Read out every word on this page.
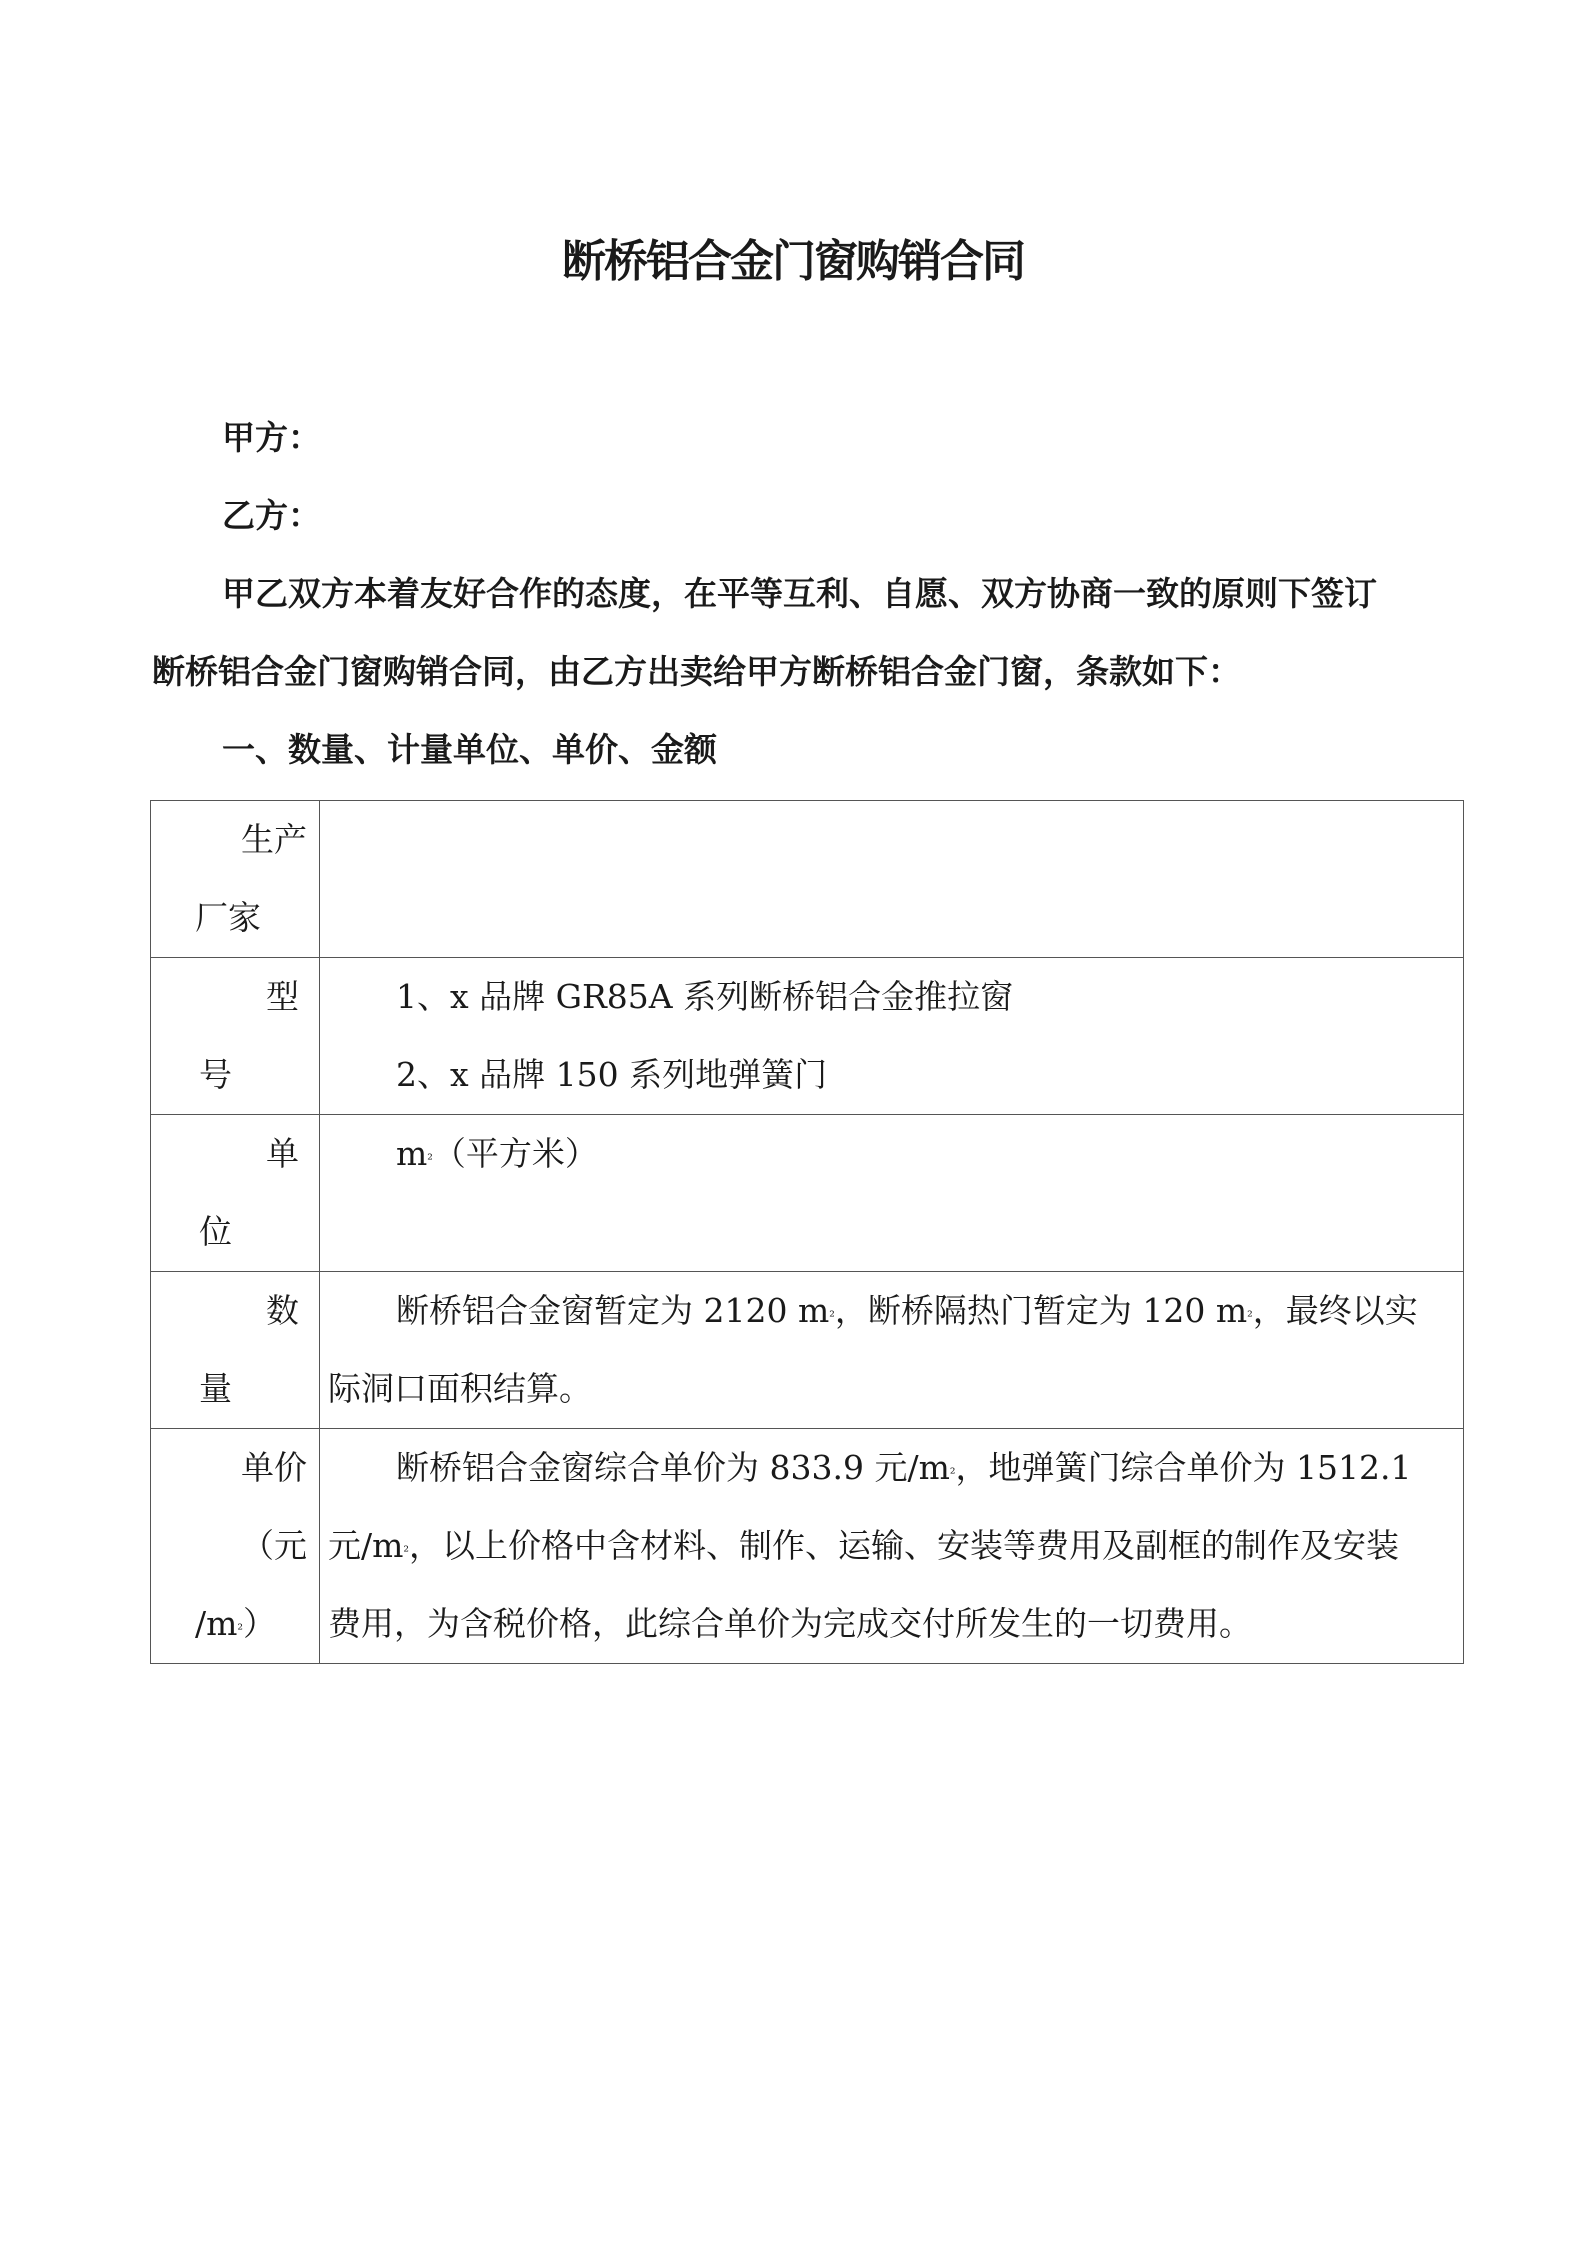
断桥铝合金门窗购销合同

甲方：

乙方：

甲乙双方本着友好合作的态度，在平等互利、自愿、双方协商一致的原则下签订

断桥铝合金门窗购销合同，由乙方出卖给甲方断桥铝合金门窗，条款如下：

一、数量、计量单位、单价、金额

生产
厂家	

型
号	1、x 品牌 GR85A 系列断桥铝合金推拉窗
2、x 品牌 150 系列地弹簧门

单
位	$m^{^2}$（平方米）

数
量	断桥铝合金窗暂定为 2120 $m^{^2}$，断桥隔热门暂定为 120 $m^{^2}$，最终以实
际洞口面积结算。

单价
（元
$/m^{^2}$）	断桥铝合金窗综合单价为 833.9 元$/m^{^2}$，地弹簧门综合单价为 1512.1
元$/m^{^2}$，以上价格中含材料、制作、运输、安装等费用及副框的制作及安装
费用，为含税价格，此综合单价为完成交付所发生的一切费用。
